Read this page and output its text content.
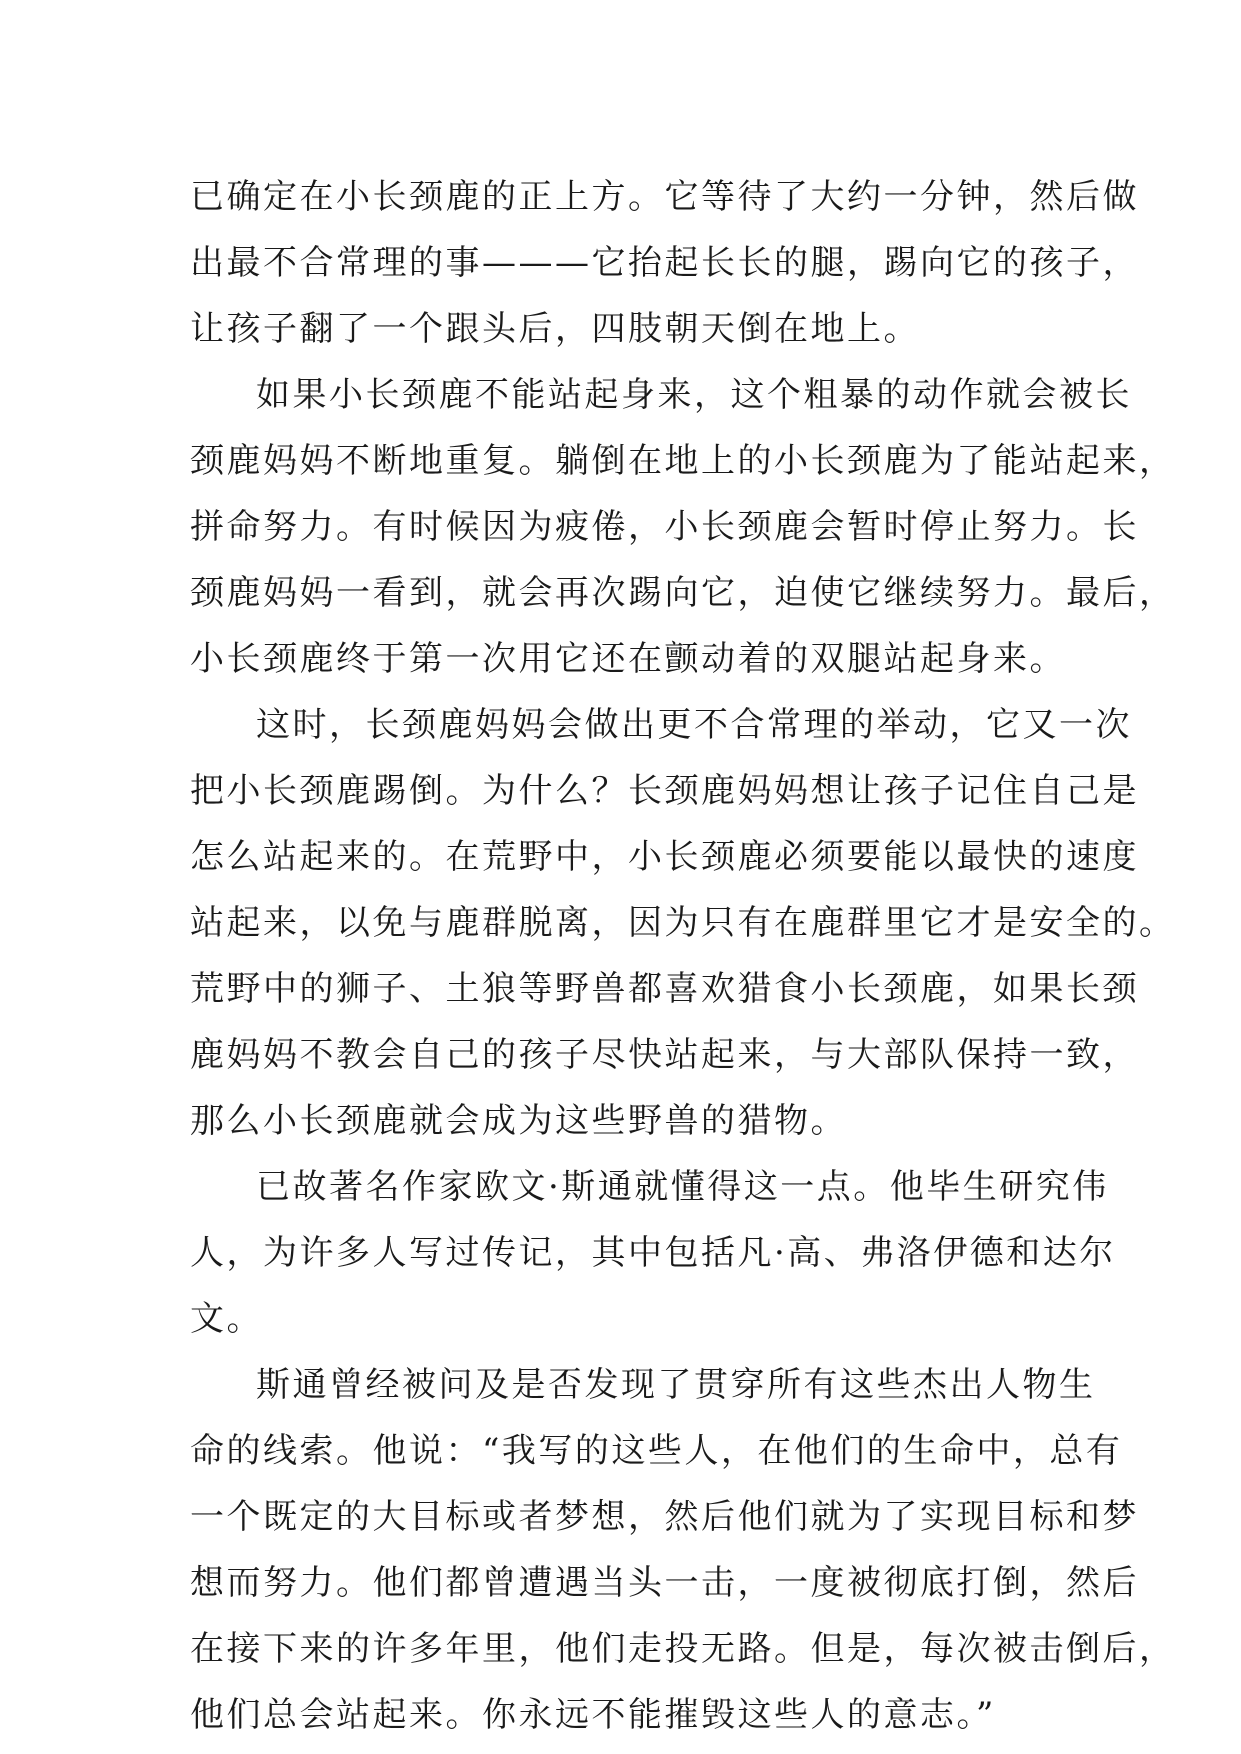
已确定在小长颈鹿的正上方。它等待了大约一分钟，然后做
出最不合常理的事———它抬起长长的腿，踢向它的孩子，
让孩子翻了一个跟头后，四肢朝天倒在地上。
如果小长颈鹿不能站起身来，这个粗暴的动作就会被长
颈鹿妈妈不断地重复。躺倒在地上的小长颈鹿为了能站起来，
拼命努力。有时候因为疲倦，小长颈鹿会暂时停止努力。长
颈鹿妈妈一看到，就会再次踢向它，迫使它继续努力。最后，
小长颈鹿终于第一次用它还在颤动着的双腿站起身来。
这时，长颈鹿妈妈会做出更不合常理的举动，它又一次
把小长颈鹿踢倒。为什么？长颈鹿妈妈想让孩子记住自己是
怎么站起来的。在荒野中，小长颈鹿必须要能以最快的速度
站起来，以免与鹿群脱离，因为只有在鹿群里它才是安全的。
荒野中的狮子、土狼等野兽都喜欢猎食小长颈鹿，如果长颈
鹿妈妈不教会自己的孩子尽快站起来，与大部队保持一致，
那么小长颈鹿就会成为这些野兽的猎物。
已故著名作家欧文·斯通就懂得这一点。他毕生研究伟
人，为许多人写过传记，其中包括凡·高、弗洛伊德和达尔
文。
斯通曾经被问及是否发现了贯穿所有这些杰出人物生
命的线索。他说：“我写的这些人，在他们的生命中，总有
一个既定的大目标或者梦想，然后他们就为了实现目标和梦
想而努力。他们都曾遭遇当头一击，一度被彻底打倒，然后
在接下来的许多年里，他们走投无路。但是，每次被击倒后，
他们总会站起来。你永远不能摧毁这些人的意志。”
